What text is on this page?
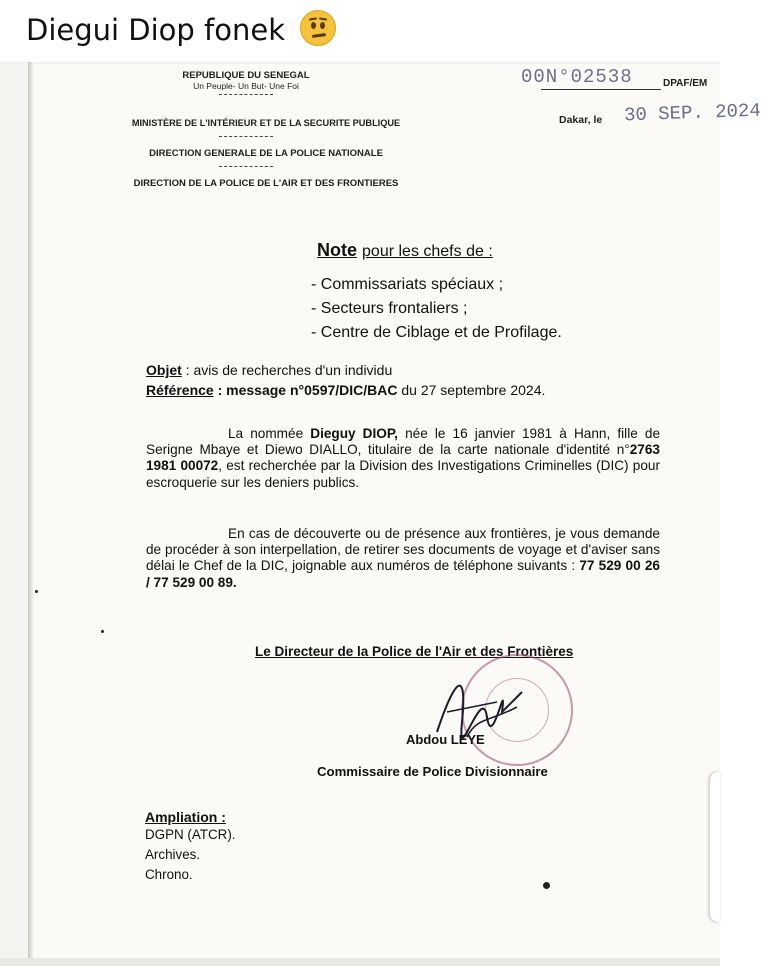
Diegui Diop fonek
REPUBLIQUE DU SENEGAL
Un Peuple- Un But- Une Foi
MINISTÈRE DE L'INTÉRIEUR ET DE LA SECURITE PUBLIQUE
DIRECTION GENERALE DE LA POLICE NATIONALE
DIRECTION DE LA POLICE DE L'AIR ET DES FRONTIERES
00N°02538	DPAF/EM
Dakar, le 30 SEP. 2024
Note pour les chefs de :
- Commissariats spéciaux ;
- Secteurs frontaliers ;
- Centre de Ciblage et de Profilage.
Objet : avis de recherches d'un individu
Référence : message n°0597/DIC/BAC du 27 septembre 2024.

La nommée Dieguy DIOP, née le 16 janvier 1981 à Hann, fille de Serigne Mbaye et Diewo DIALLO, titulaire de la carte nationale d'identité n°2763 1981 00072, est recherchée par la Division des Investigations Criminelles (DIC) pour escroquerie sur les deniers publics.

En cas de découverte ou de présence aux frontières, je vous demande de procéder à son interpellation, de retirer ses documents de voyage et d'aviser sans délai le Chef de la DIC, joignable aux numéros de téléphone suivants : 77 529 00 26 / 77 529 00 89.

Le Directeur de la Police de l'Air et des Frontières
Abdou LEYE
Commissaire de Police Divisionnaire
Ampliation :
DGPN (ATCR).
Archives.
Chrono.
